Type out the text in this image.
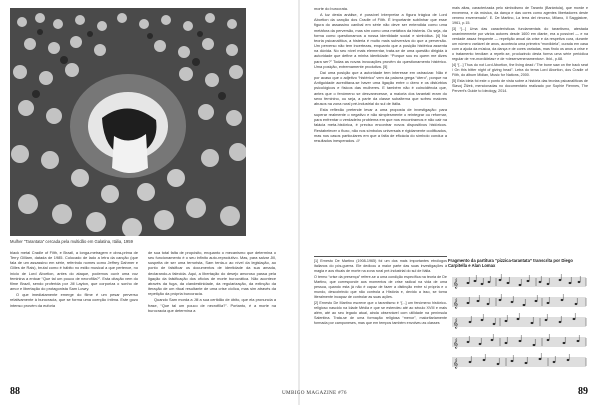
Mulher “Tarantata” cercada pela multidão em Galatina, Itália, 1959

black metal Cradle of Filth, e Brazil, a longa-metragem e obra-prima de Terry Gilliam, datada de 1985. Colocado de lado a letra da canção (que fala de um assassino em série, referindo nomes como Jeffrey Dahmer e Gilles de Rais), brutal como é hábito no estilo musical a que pertence, no início de Lord Abortion, antes do ataque, podemos ouvir uma voz feminina a entoar “Que tal um pouco de necrofilia?”. Esta citação vem do filme Brazil, sendo proferida por Jill Layton, que corporiza o sonho de amor e libertação do protagonista Sam Lowry.

O que imediatamente emerge do filme é um pesar perverso relativamente à burocracia, que se forma uma coerção íntima. Este gozo intenso provém da euforia

de sua total falta de propósito, enquanto o mecanismo que determina o seu funcionamento é o seu infinito auto-reprodutivo. Mas, para salvar Jill, suspeita de ser uma terrorista, Sam tenta-o ao nível da legislação, ao ponto de falsificar os documentos de identidade da sua amada, declarando-a falecida. Aqui, a libertação do desejo amoroso passa pela ligação da falsificação dos ofícios de morte burocrática. Não acontece através da fuga, da clandestinidade, da regularização, da extinção da iteração de um ritual resultante de uma crise cíclica, mas sim através da repetição da própria burocracia.

Quando Sam morda a Jill a sua certidão de óbito, que ela pronuncia a frase, “Que tal um pouco de necrofilia?”. Portanto, é a morte na burocracia que determina a

88

morte do burocrata.

A luz desta análise, é possível interpretar a figura trágica de Lord Abortion da canção dos Cradle of Filth. É importante sublinhar que esse figura do assassino canibal em série não deve ser entendida como uma metáfora da perversão, mas sim como uma metáfora da histeria. Ou seja, da forma como questionamos a nossa identidade social e simbólica. [4] Na teoria psicanalítica, a histeria é muito mais subversiva do que a perversão. Um perverso não tem incertezas, enquanto que a posição histérica assenta na dúvida. No seu nível mais elementar, trata-se de uma questão dirigida à autoridade que define a minha identidade: “Porque sou eu quem me dizes para ser?” Todas as novas invocações provêm do questionamento histérico. Uma posição, extremamente produtiva. [5]

Daí uma posição que a autoridade tem interesse em ostracizar. Não é por acaso que o adjetivo “histérico” vem da palavra grega “útero”, porque na Antiguidade acreditava-se haver uma ligação entre o útero e os distúrbios psicológicos e físicos das mulheres. E também não é coincidência que, antes que o fenómeno se desvanecesse, a maioria dos tarantati eram do sexo feminino, ou seja, a parte da classe subalterna que sofreu maiores abusos na zona rural pré-industrial do sul de Itália.

Esta reflexão pretende levar a uma proposta de investigação: para superar realmente o negativo e não simplesmente o reintegrar ou reformar, para enfrentar o verdadeiro problema em que nos encontramos e não cair na falácia meta-histórica, é preciso encontrar novos dispositivos históricos. Restabelecer o fluxo, não nos símbolos universais e rigidamente codificados, mas nos casos particulares em que a falta de eficácia do símbolo conduz a resultados inesperados. ///

[1] Ernesto De Martino (1908-1965) foi um dos mais importantes etnólogos italianos do pós-guerra. Ele dedicou a maior parte das suas investigações à magia e aos rituais de morte na zona rural pré-industrial do sul de Itália.

O termo “crise da presença” refere-se a uma condição específica na teoria de De Martino, que corresponde aos momentos de crise radical na vida de uma pessoa, quando esta já não é capaz de fazer a distinção entre si própria e o mundo, descobrindo que não controla a História e, devido a isso, se torna literalmente incapaz de controlar as suas ações.

[2] Ernesto De Martino escreve que o tarantismo é “[...] um fenómeno histórico-religioso nascido na Idade Média e que se estendeu até ao século XVIII e mais além, até ao seu legado atual, ainda observável com utilidade na península Salentina. Trata-se de uma formação religiosa “menor”, maioritariamente formada por camponeses, mas que em tempos também envolveu as classes

mais altas, caracterizada pelo simbolismo de Taranto (Barántula), que morde e envenena, e da música, da dança e das cores como agentes libertadores deste veneno envenenado”. E. De Martino, La terra del rimorso, Milano, Il Saggiatore, 1961, p.15.

[3] “[...] Uma das características fundamentais do tarantismo, atestada unanimemente por vários autores desde 1600 em diante, era a possível — e na verdade assaz frequente — repetição anual da crise e da respetiva cura, durante um número variável de anos, acontecia uma primeira “mordidela”, curada em casa com a ajuda da música, da dança e de cores variadas, mas findo os anos a crise e o tratamento tendiam a repetir-se, produzindo desta forma uma série periódica regular de «re-mordidelas» e de «desenvenenamentos». Ibid., p.68.

[4] “[...] Thus do not Lord Abortion, the living dead / The bone saw on the back seat / On this bitter night of giving head”. Letra do tema Lord Abortion, dos Cradle of Filth, do álbum Midian, Music for Nations, 2000.

[5] Esta ideia foi este o ponto de vista sobre a história das teorias psicanalíticas de Slavoj Žižek, mencionadas no documentário realizado por Sophie Fiennes, The Pervert's Guide to Ideology, 2014.

Fragmento da partitura “pizzica-tarantata” transcrita por Diego Carpitella e Alan Lomax
UMBIGO MAGAZINE #76	89
𝄞
𝄞
𝄞
𝄞
𝄞
